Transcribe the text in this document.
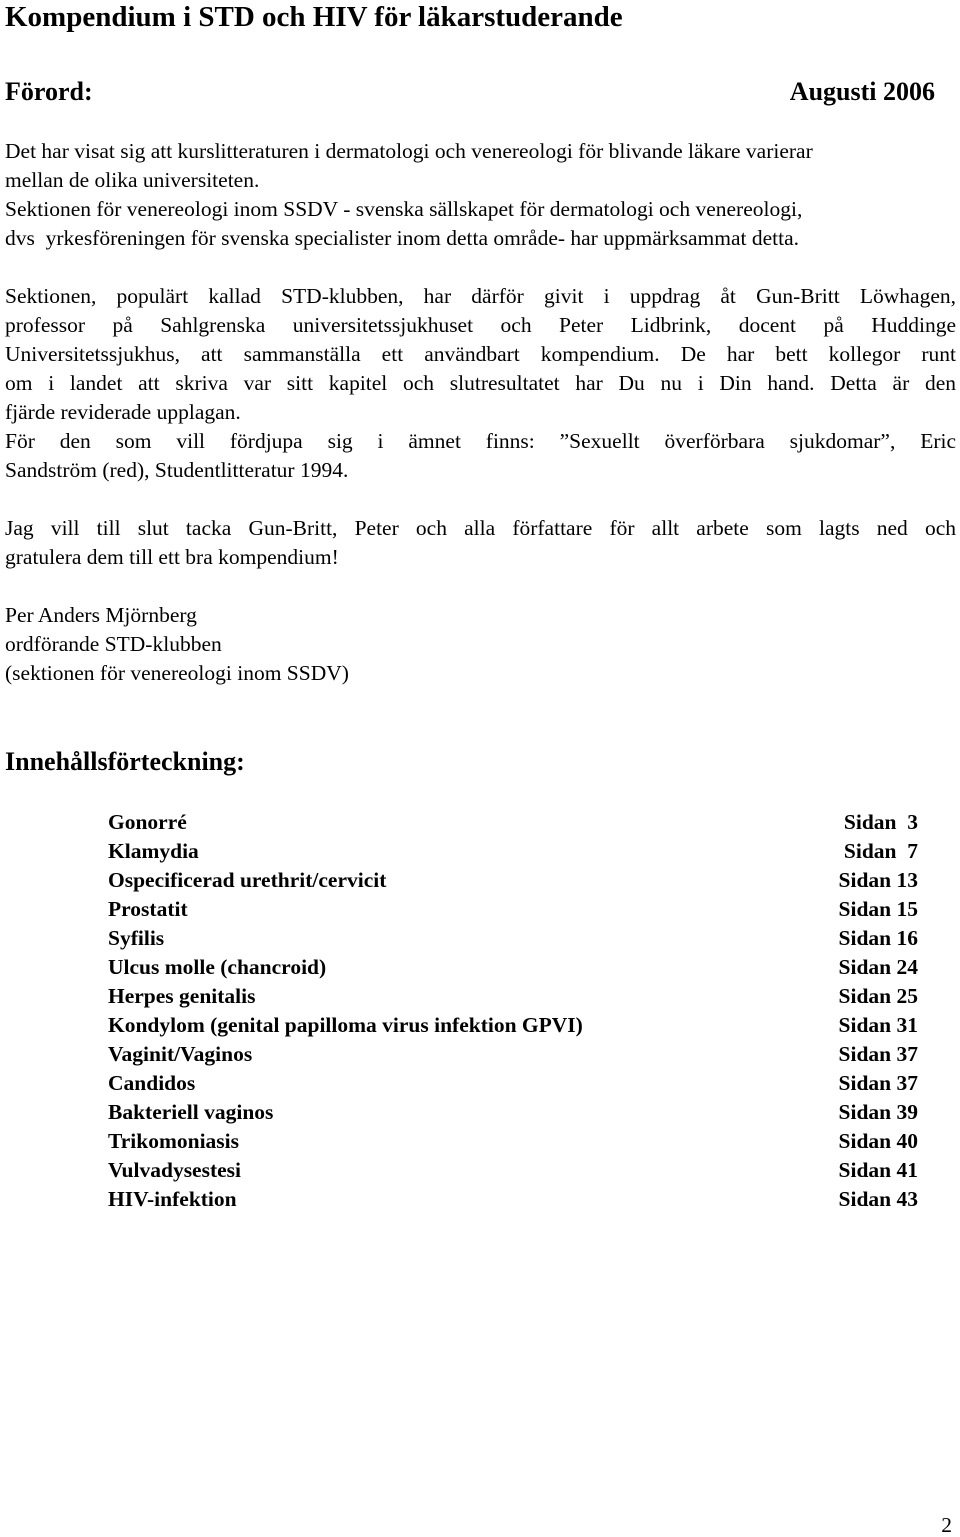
Kompendium i STD och HIV för läkarstuderande
Förord:	Augusti 2006

Det har visat sig att kurslitteraturen i dermatologi och venereologi för blivande läkare varierar
mellan de olika universiteten.
Sektionen för venereologi inom SSDV - svenska sällskapet för dermatologi och venereologi,
dvs  yrkesföreningen för svenska specialister inom detta område- har uppmärksammat detta.

Sektionen, populärt kallad STD-klubben, har därför givit i uppdrag åt Gun-Britt Löwhagen,
professor på Sahlgrenska universitetssjukhuset och Peter Lidbrink, docent på Huddinge
Universitetssjukhus, att sammanställa ett användbart kompendium. De har bett kollegor runt
om i landet att skriva var sitt kapitel och slutresultatet har Du nu i Din hand. Detta är den
fjärde reviderade upplagan.
För den som vill fördjupa sig i ämnet finns: ”Sexuellt överförbara sjukdomar”, Eric
Sandström (red), Studentlitteratur 1994.

Jag vill till slut tacka Gun-Britt, Peter och alla författare för allt arbete som lagts ned och
gratulera dem till ett bra kompendium!

Per Anders Mjörnberg
ordförande STD-klubben
(sektionen för venereologi inom SSDV)

Innehållsförteckning:
Gonorré	Sidan  3
Klamydia	Sidan  7
Ospecificerad urethrit/cervicit	Sidan 13
Prostatit	Sidan 15
Syfilis	Sidan 16
Ulcus molle (chancroid)	Sidan 24
Herpes genitalis	Sidan 25
Kondylom (genital papilloma virus infektion GPVI)	Sidan 31
Vaginit/Vaginos	Sidan 37
Candidos	Sidan 37
Bakteriell vaginos	Sidan 39
Trikomoniasis	Sidan 40
Vulvadysestesi	Sidan 41
HIV-infektion	Sidan 43
2
